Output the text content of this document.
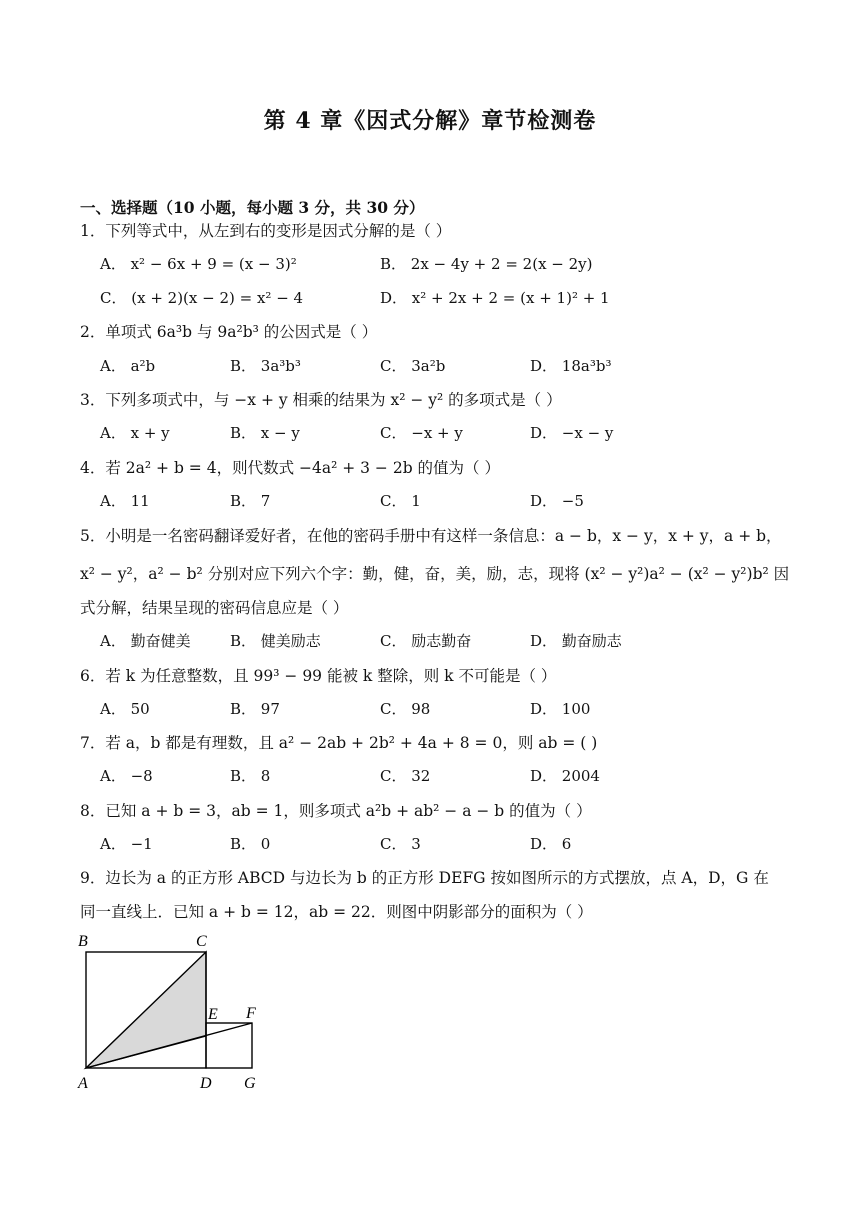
第 4 章《因式分解》章节检测卷
一、选择题（10 小题，每小题 3 分，共 30 分）
1．下列等式中，从左到右的变形是因式分解的是（ ）
A． x² − 6x + 9 = (x − 3)²	B． 2x − 4y + 2 = 2(x − 2y)
C． (x + 2)(x − 2) = x² − 4	D． x² + 2x + 2 = (x + 1)² + 1
2．单项式 6a³b 与 9a²b³ 的公因式是（ ）
A． a²b	B． 3a³b³	C． 3a²b	D． 18a³b³
3．下列多项式中，与 −x + y 相乘的结果为 x² − y² 的多项式是（ ）
A． x + y	B． x − y	C． −x + y	D． −x − y
4．若 2a² + b = 4，则代数式 −4a² + 3 − 2b 的值为（ ）
A． 11	B． 7	C． 1	D． −5
5．小明是一名密码翻译爱好者，在他的密码手册中有这样一条信息：a − b，x − y，x + y，a + b，
x² − y²，a² − b² 分别对应下列六个字：勤，健，奋，美，励，志，现将 (x² − y²)a² − (x² − y²)b² 因
式分解，结果呈现的密码信息应是（ ）
A． 勤奋健美	B． 健美励志	C． 励志勤奋	D． 勤奋励志
6．若 k 为任意整数，且 99³ − 99 能被 k 整除，则 k 不可能是（ ）
A． 50	B． 97	C． 98	D． 100
7．若 a，b 都是有理数，且 a² − 2ab + 2b² + 4a + 8 = 0，则 ab = ( )
A． −8	B． 8	C． 32	D． 2004
8．已知 a + b = 3，ab = 1，则多项式 a²b + ab² − a − b 的值为（ ）
A． −1	B． 0	C． 3	D． 6
9．边长为 a 的正方形 ABCD 与边长为 b 的正方形 DEFG 按如图所示的方式摆放，点 A，D，G 在
同一直线上．已知 a + b = 12，ab = 22．则图中阴影部分的面积为（ ）
B	C
E F
A	D G
